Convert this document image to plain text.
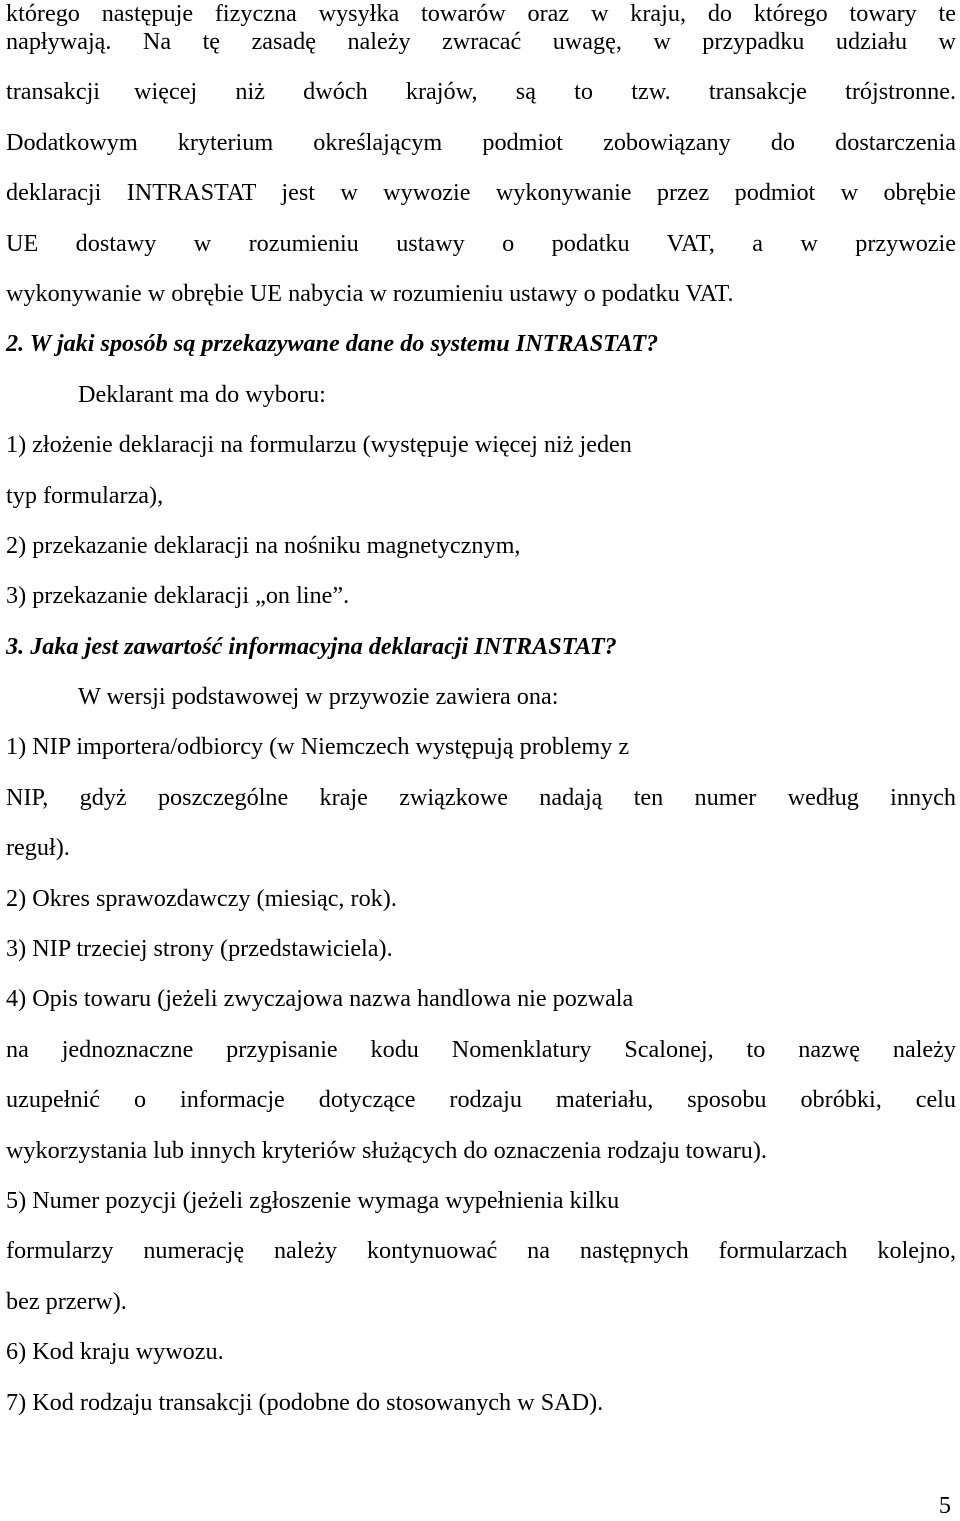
którego następuje fizyczna wysyłka towarów oraz w kraju, do którego towary te
napływają. Na tę zasadę należy zwracać uwagę, w przypadku udziału w
transakcji więcej niż dwóch krajów, są to tzw. transakcje trójstronne.
Dodatkowym kryterium określającym podmiot zobowiązany do dostarczenia
deklaracji INTRASTAT jest w wywozie wykonywanie przez podmiot w obrębie
UE dostawy w rozumieniu ustawy o podatku VAT, a w przywozie
wykonywanie w obrębie UE nabycia w rozumieniu ustawy o podatku VAT.
2. W jaki sposób są przekazywane dane do systemu INTRASTAT?
Deklarant ma do wyboru:
1) złożenie deklaracji na formularzu (występuje więcej niż jeden
typ formularza),
2) przekazanie deklaracji na nośniku magnetycznym,
3) przekazanie deklaracji „on line”.
3. Jaka jest zawartość informacyjna deklaracji INTRASTAT?
W wersji podstawowej w przywozie zawiera ona:
1) NIP importera/odbiorcy (w Niemczech występują problemy z
NIP, gdyż poszczególne kraje związkowe nadają ten numer według innych
reguł).
2) Okres sprawozdawczy (miesiąc, rok).
3) NIP trzeciej strony (przedstawiciela).
4) Opis towaru (jeżeli zwyczajowa nazwa handlowa nie pozwala
na jednoznaczne przypisanie kodu Nomenklatury Scalonej, to nazwę należy
uzupełnić o informacje dotyczące rodzaju materiału, sposobu obróbki, celu
wykorzystania lub innych kryteriów służących do oznaczenia rodzaju towaru).
5) Numer pozycji (jeżeli zgłoszenie wymaga wypełnienia kilku
formularzy numerację należy kontynuować na następnych formularzach kolejno,
bez przerw).
6) Kod kraju wywozu.
7) Kod rodzaju transakcji (podobne do stosowanych w SAD).
5
